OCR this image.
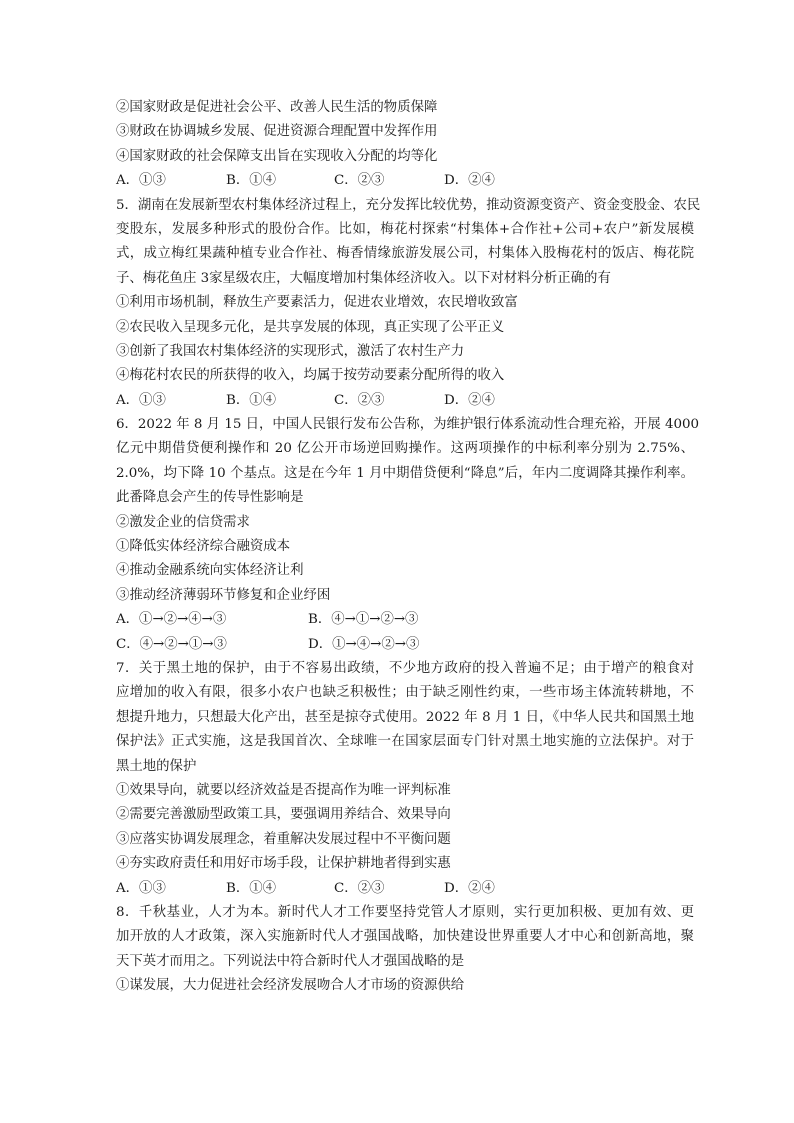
②国家财政是促进社会公平、改善人民生活的物质保障
③财政在协调城乡发展、促进资源合理配置中发挥作用
④国家财政的社会保障支出旨在实现收入分配的均等化
A．①③	B．①④	C．②③	D．②④
5．湖南在发展新型农村集体经济过程上，充分发挥比较优势，推动资源变资产、资金变股金、农民
变股东，发展多种形式的股份合作。比如，梅花村探索“村集体+合作社+公司+农户”新发展模
式，成立梅红果蔬种植专业合作社、梅香情缘旅游发展公司，村集体入股梅花村的饭店、梅花院
子、梅花鱼庄 3家星级农庄，大幅度增加村集体经济收入。以下对材料分析正确的有
①利用市场机制，释放生产要素活力，促进农业增效，农民增收致富
②农民收入呈现多元化，是共享发展的体现，真正实现了公平正义
③创新了我国农村集体经济的实现形式，激活了农村生产力
④梅花村农民的所获得的收入，均属于按劳动要素分配所得的收入
A．①③	B．①④	C．②③	D．②④
6．2022 年 8 月 15 日，中国人民银行发布公告称，为维护银行体系流动性合理充裕，开展 4000
亿元中期借贷便利操作和 20 亿公开市场逆回购操作。这两项操作的中标利率分别为 2.75%、
2.0%，均下降 10 个基点。这是在今年 1 月中期借贷便利“降息”后，年内二度调降其操作利率。
此番降息会产生的传导性影响是
②激发企业的信贷需求
①降低实体经济综合融资成本
④推动金融系统向实体经济让利
③推动经济薄弱环节修复和企业纾困
A．①→②→④→③	B．④→①→②→③
C．④→②→①→③	D．①→④→②→③
7．关于黑土地的保护，由于不容易出政绩，不少地方政府的投入普遍不足；由于增产的粮食对
应增加的收入有限，很多小农户也缺乏积极性；由于缺乏刚性约束，一些市场主体流转耕地，不
想提升地力，只想最大化产出，甚至是掠夺式使用。2022 年 8 月 1 日，《中华人民共和国黑土地
保护法》正式实施，这是我国首次、全球唯一在国家层面专门针对黑土地实施的立法保护。对于
黑土地的保护
①效果导向，就要以经济效益是否提高作为唯一评判标准
②需要完善激励型政策工具，要强调用养结合、效果导向
③应落实协调发展理念，着重解决发展过程中不平衡问题
④夯实政府责任和用好市场手段，让保护耕地者得到实惠
A．①③	B．①④	C．②③	D．②④
8．千秋基业，人才为本。新时代人才工作要坚持党管人才原则，实行更加积极、更加有效、更
加开放的人才政策，深入实施新时代人才强国战略，加快建设世界重要人才中心和创新高地，聚
天下英才而用之。下列说法中符合新时代人才强国战略的是
①谋发展，大力促进社会经济发展吻合人才市场的资源供给
